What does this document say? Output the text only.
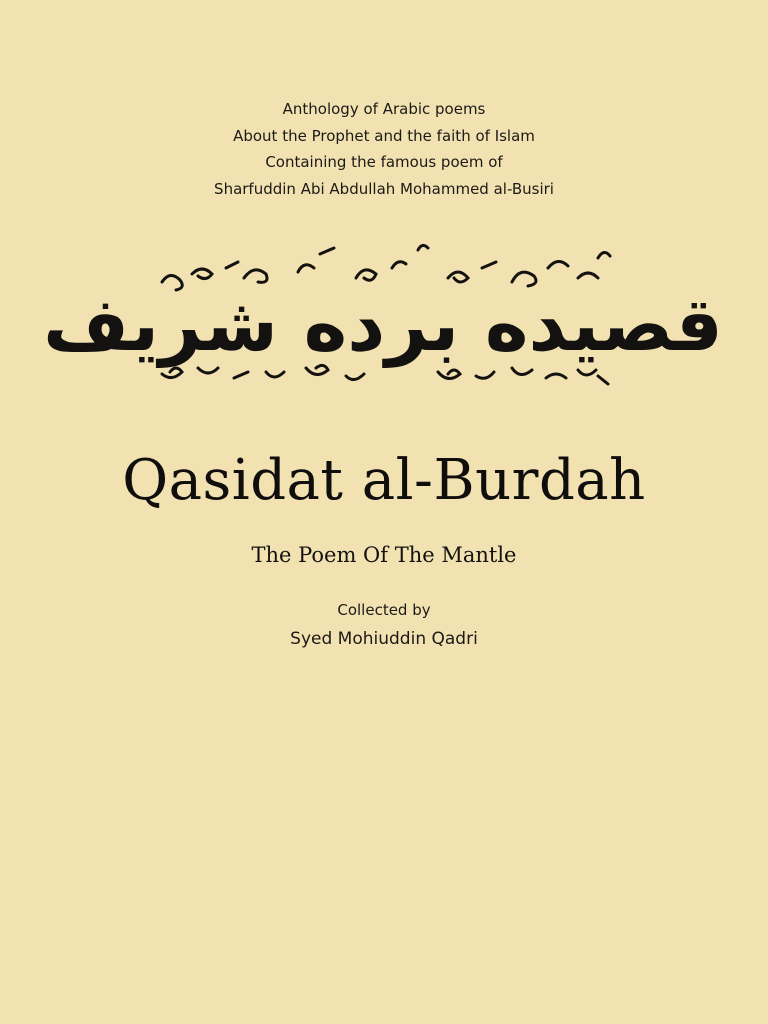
Anthology of Arabic poems
About the Prophet and the faith of Islam
Containing the famous poem of
Sharfuddin Abi Abdullah Mohammed al-Busiri
قصيده برده شريف
Qasidat al-Burdah
The Poem Of The Mantle
Collected by
Syed Mohiuddin Qadri
